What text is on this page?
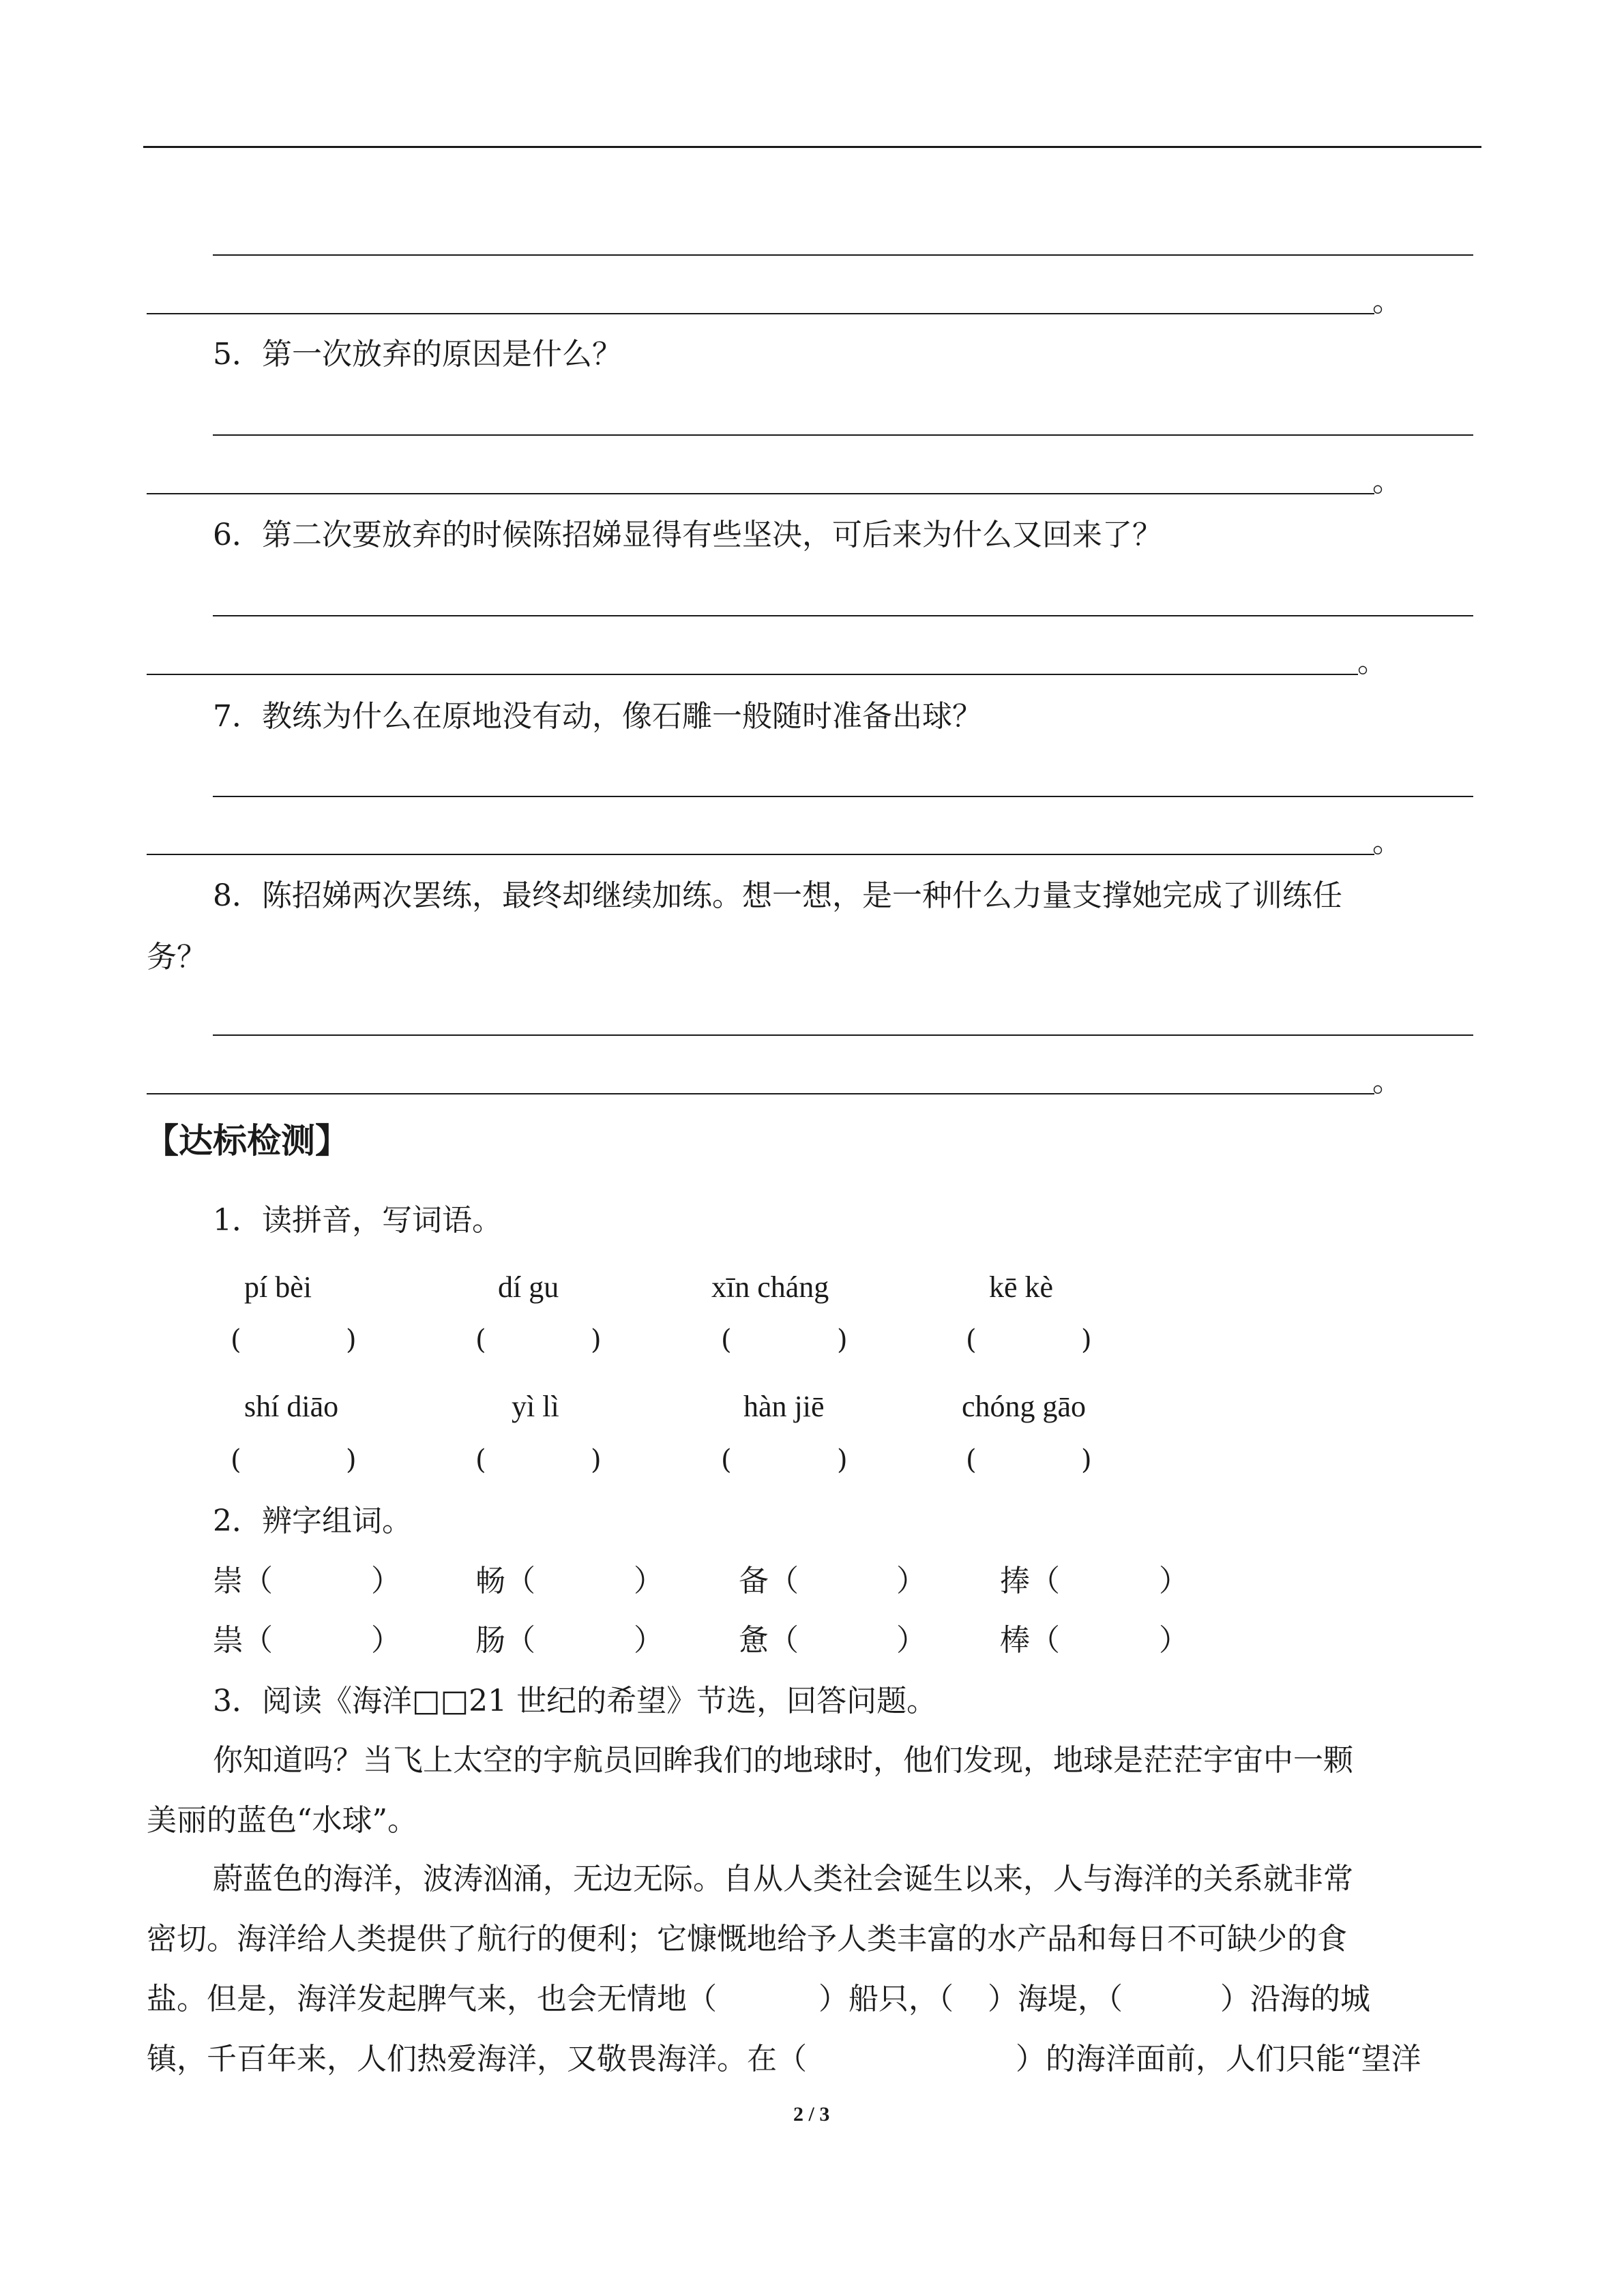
。
5．第一次放弃的原因是什么？
。
6．第二次要放弃的时候陈招娣显得有些坚决，可后来为什么又回来了？
。
7．教练为什么在原地没有动，像石雕一般随时准备出球？
。
8．陈招娣两次罢练，最终却继续加练。想一想，是一种什么力量支撑她完成了训练任
务？
。
【达标检测】
1．读拼音，写词语。
pí bèi	dí gu	xīn cháng	kē kè
(	)	(	)	(	)	(	)
shí diāo	yì lì	hàn jiē	chóng gāo
(	)	(	)	(	)	(	)
2．辨字组词。
崇（	） 畅（	）	备（	） 捧（	）
祟（	） 肠（	）	惫（	） 棒（	）
3．阅读《海洋□□21 世纪的希望》节选，回答问题。
你知道吗？当飞上太空的宇航员回眸我们的地球时，他们发现，地球是茫茫宇宙中一颗
美丽的蓝色“水球”。
蔚蓝色的海洋，波涛汹涌，无边无际。自从人类社会诞生以来，人与海洋的关系就非常
密切。海洋给人类提供了航行的便利；它慷慨地给予人类丰富的水产品和每日不可缺少的食
盐。但是，海洋发起脾气来，也会无情地（	）船只，（ ）海堤，（	）沿海的城
镇，千百年来，人们热爱海洋，又敬畏海洋。在（	）的海洋面前，人们只能“望洋
2 / 3
